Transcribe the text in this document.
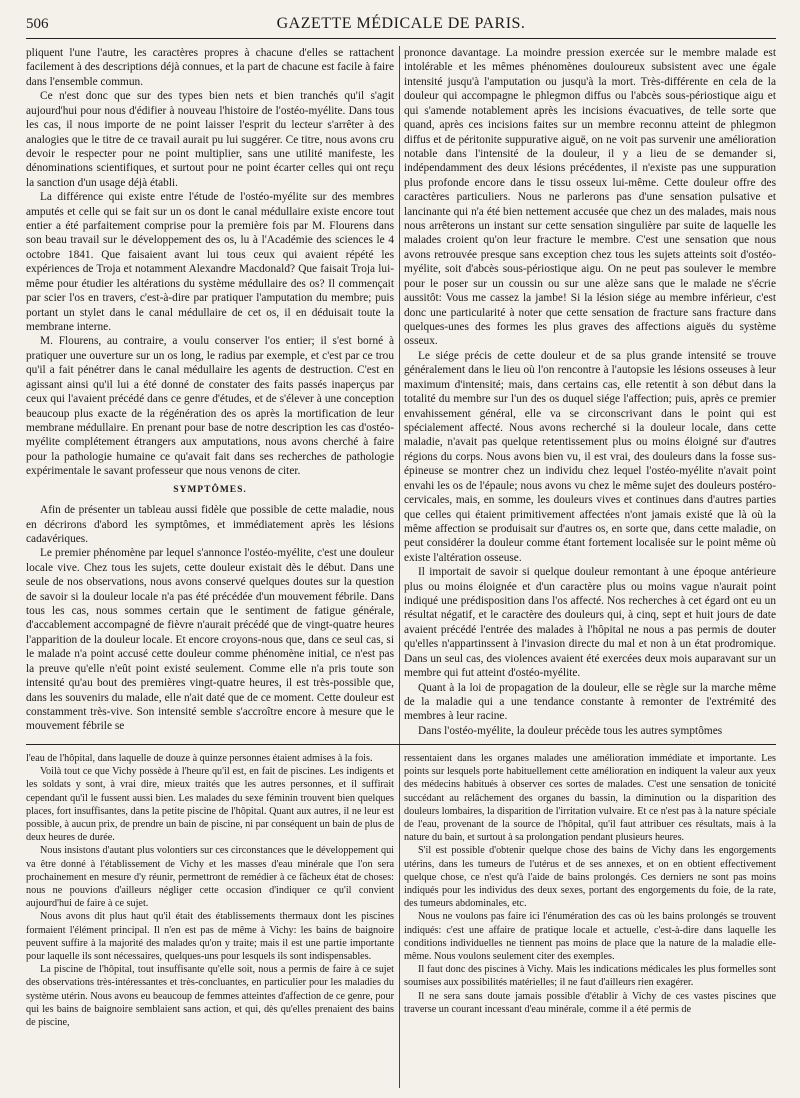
506	GAZETTE MÉDICALE DE PARIS.

pliquent l'une l'autre, les caractères propres à chacune d'elles se rattachent facilement à des descriptions déjà connues, et la part de chacune est facile à faire dans l'ensemble commun.

Ce n'est donc que sur des types bien nets et bien tranchés qu'il s'agit aujourd'hui pour nous d'édifier à nouveau l'histoire de l'ostéo-myélite. Dans tous les cas, il nous importe de ne point laisser l'esprit du lecteur s'arrêter à des analogies que le titre de ce travail aurait pu lui suggérer. Ce titre, nous avons cru devoir le respecter pour ne point multiplier, sans une utilité manifeste, les dénominations scientifiques, et surtout pour ne point écarter celles qui ont reçu la sanction d'un usage déjà établi.

La différence qui existe entre l'étude de l'ostéo-myélite sur des membres amputés et celle qui se fait sur un os dont le canal médullaire existe encore tout entier a été parfaitement comprise pour la première fois par M. Flourens dans son beau travail sur le développement des os, lu à l'Académie des sciences le 4 octobre 1841. Que faisaient avant lui tous ceux qui avaient répété les expériences de Troja et notamment Alexandre Macdonald? Que faisait Troja lui-même pour étudier les altérations du système médullaire des os? Il commençait par scier l'os en travers, c'est-à-dire par pratiquer l'amputation du membre; puis portant un stylet dans le canal médullaire de cet os, il en déduisait toute la membrane interne.

M. Flourens, au contraire, a voulu conserver l'os entier; il s'est borné à pratiquer une ouverture sur un os long, le radius par exemple, et c'est par ce trou qu'il a fait pénétrer dans le canal médullaire les agents de destruction. C'est en agissant ainsi qu'il lui a été donné de constater des faits passés inaperçus par ceux qui l'avaient précédé dans ce genre d'études, et de s'élever à une conception beaucoup plus exacte de la régénération des os après la mortification de leur membrane médullaire. En prenant pour base de notre description les cas d'ostéo-myélite complétement étrangers aux amputations, nous avons cherché à faire pour la pathologie humaine ce qu'avait fait dans ses recherches de pathologie expérimentale le savant professeur que nous venons de citer.

SYMPTÔMES.

Afin de présenter un tableau aussi fidèle que possible de cette maladie, nous en décrirons d'abord les symptômes, et immédiatement après les lésions cadavériques.

Le premier phénomène par lequel s'annonce l'ostéo-myélite, c'est une douleur locale vive. Chez tous les sujets, cette douleur existait dès le début. Dans une seule de nos observations, nous avons conservé quelques doutes sur la question de savoir si la douleur locale n'a pas été précédée d'un mouvement fébrile. Dans tous les cas, nous sommes certain que le sentiment de fatigue générale, d'accablement accompagné de fièvre n'aurait précédé que de vingt-quatre heures l'apparition de la douleur locale. Et encore croyons-nous que, dans ce seul cas, si le malade n'a point accusé cette douleur comme phénomène initial, ce n'est pas la preuve qu'elle n'eût point existé seulement. Comme elle n'a pris toute son intensité qu'au bout des premières vingt-quatre heures, il est très-possible que, dans les souvenirs du malade, elle n'ait daté que de ce moment. Cette douleur est constamment très-vive. Son intensité semble s'accroître encore à mesure que le mouvement fébrile se

prononce davantage. La moindre pression exercée sur le membre malade est intolérable et les mêmes phénomènes douloureux subsistent avec une égale intensité jusqu'à l'amputation ou jusqu'à la mort. Très-différente en cela de la douleur qui accompagne le phlegmon diffus ou l'abcès sous-périostique aigu et qui s'amende notablement après les incisions évacuatives, de telle sorte que quand, après ces incisions faites sur un membre reconnu atteint de phlegmon diffus et de péritonite suppurative aiguë, on ne voit pas survenir une amélioration notable dans l'intensité de la douleur, il y a lieu de se demander si, indépendamment des deux lésions précédentes, il n'existe pas une suppuration plus profonde encore dans le tissu osseux lui-même. Cette douleur offre des caractères particuliers. Nous ne parlerons pas d'une sensation pulsative et lancinante qui n'a été bien nettement accusée que chez un des malades, mais nous nous arrêterons un instant sur cette sensation singulière par suite de laquelle les malades croient qu'on leur fracture le membre. C'est une sensation que nous avons retrouvée presque sans exception chez tous les sujets atteints soit d'ostéo-myélite, soit d'abcès sous-périostique aigu. On ne peut pas soulever le membre pour le poser sur un coussin ou sur une alèze sans que le malade ne s'écrie aussitôt: Vous me cassez la jambe! Si la lésion siége au membre inférieur, c'est donc une particularité à noter que cette sensation de fracture sans fracture dans quelques-unes des formes les plus graves des affections aiguës du système osseux.

Le siége précis de cette douleur et de sa plus grande intensité se trouve généralement dans le lieu où l'on rencontre à l'autopsie les lésions osseuses à leur maximum d'intensité; mais, dans certains cas, elle retentit à son début dans la totalité du membre sur l'un des os duquel siége l'affection; puis, après ce premier envahissement général, elle va se circonscrivant dans le point qui est spécialement affecté. Nous avons recherché si la douleur locale, dans cette maladie, n'avait pas quelque retentissement plus ou moins éloigné sur d'autres régions du corps. Nous avons bien vu, il est vrai, des douleurs dans la fosse sus-épineuse se montrer chez un individu chez lequel l'ostéo-myélite n'avait point envahi les os de l'épaule; nous avons vu chez le même sujet des douleurs postéro-cervicales, mais, en somme, les douleurs vives et continues dans d'autres parties que celles qui étaient primitivement affectées n'ont jamais existé que là où la même affection se produisait sur d'autres os, en sorte que, dans cette maladie, on peut considérer la douleur comme étant fortement localisée sur le point même où existe l'altération osseuse.

Il importait de savoir si quelque douleur remontant à une époque antérieure plus ou moins éloignée et d'un caractère plus ou moins vague n'aurait point indiqué une prédisposition dans l'os affecté. Nos recherches à cet égard ont eu un résultat négatif, et le caractère des douleurs qui, à cinq, sept et huit jours de date avaient précédé l'entrée des malades à l'hôpital ne nous a pas permis de douter qu'elles n'appartinssent à l'invasion directe du mal et non à un état prodromique. Dans un seul cas, des violences avaient été exercées deux mois auparavant sur un membre qui fut atteint d'ostéo-myélite.

Quant à la loi de propagation de la douleur, elle se règle sur la marche même de la maladie qui a une tendance constante à remonter de l'extrémité des membres à leur racine.

Dans l'ostéo-myélite, la douleur précède tous les autres symptômes

l'eau de l'hôpital, dans laquelle de douze à quinze personnes étaient admises à la fois.

Voilà tout ce que Vichy possède à l'heure qu'il est, en fait de piscines. Les indigents et les soldats y sont, à vrai dire, mieux traités que les autres personnes, et il suffirait cependant qu'il le fussent aussi bien. Les malades du sexe féminin trouvent bien quelques places, fort insuffisantes, dans la petite piscine de l'hôpital. Quant aux autres, il ne leur est possible, à aucun prix, de prendre un bain de piscine, ni par conséquent un bain de plus de deux heures de durée.

Nous insistons d'autant plus volontiers sur ces circonstances que le développement qui va être donné à l'établissement de Vichy et les masses d'eau minérale que l'on sera prochainement en mesure d'y réunir, permettront de remédier à ce fâcheux état de choses: nous ne pouvions d'ailleurs négliger cette occasion d'indiquer ce qu'il convient aujourd'hui de faire à ce sujet.

Nous avons dit plus haut qu'il était des établissements thermaux dont les piscines formaient l'élément principal. Il n'en est pas de même à Vichy: les bains de baignoire peuvent suffire à la majorité des malades qu'on y traite; mais il est une partie importante pour laquelle ils sont nécessaires, quelques-uns pour lesquels ils sont indispensables.

La piscine de l'hôpital, tout insuffisante qu'elle soit, nous a permis de faire à ce sujet des observations très-intéressantes et très-concluantes, en particulier pour les maladies du système utérin. Nous avons eu beaucoup de femmes atteintes d'affection de ce genre, pour qui les bains de baignoire semblaient sans action, et qui, dès qu'elles prenaient des bains de piscine,

ressentaient dans les organes malades une amélioration immédiate et importante. Les points sur lesquels porte habituellement cette amélioration en indiquent la valeur aux yeux des médecins habitués à observer ces sortes de malades. C'est une sensation de tonicité succédant au relâchement des organes du bassin, la diminution ou la disparition des douleurs lombaires, la disparition de l'irritation vulvaire. Et ce n'est pas à la nature spéciale de l'eau, provenant de la source de l'hôpital, qu'il faut attribuer ces résultats, mais à la nature du bain, et surtout à sa prolongation pendant plusieurs heures.

S'il est possible d'obtenir quelque chose des bains de Vichy dans les engorgements utérins, dans les tumeurs de l'utérus et de ses annexes, et on en obtient effectivement quelque chose, ce n'est qu'à l'aide de bains prolongés. Ces derniers ne sont pas moins indiqués pour les individus des deux sexes, portant des engorgements du foie, de la rate, des tumeurs abdominales, etc.

Nous ne voulons pas faire ici l'énumération des cas où les bains prolongés se trouvent indiqués: c'est une affaire de pratique locale et actuelle, c'est-à-dire dans laquelle les conditions individuelles ne tiennent pas moins de place que la nature de la maladie elle-même. Nous voulons seulement citer des exemples.

Il faut donc des piscines à Vichy. Mais les indications médicales les plus formelles sont soumises aux possibilités matérielles; il ne faut d'ailleurs rien exagérer.

Il ne sera sans doute jamais possible d'établir à Vichy de ces vastes piscines que traverse un courant incessant d'eau minérale, comme il a été permis de
